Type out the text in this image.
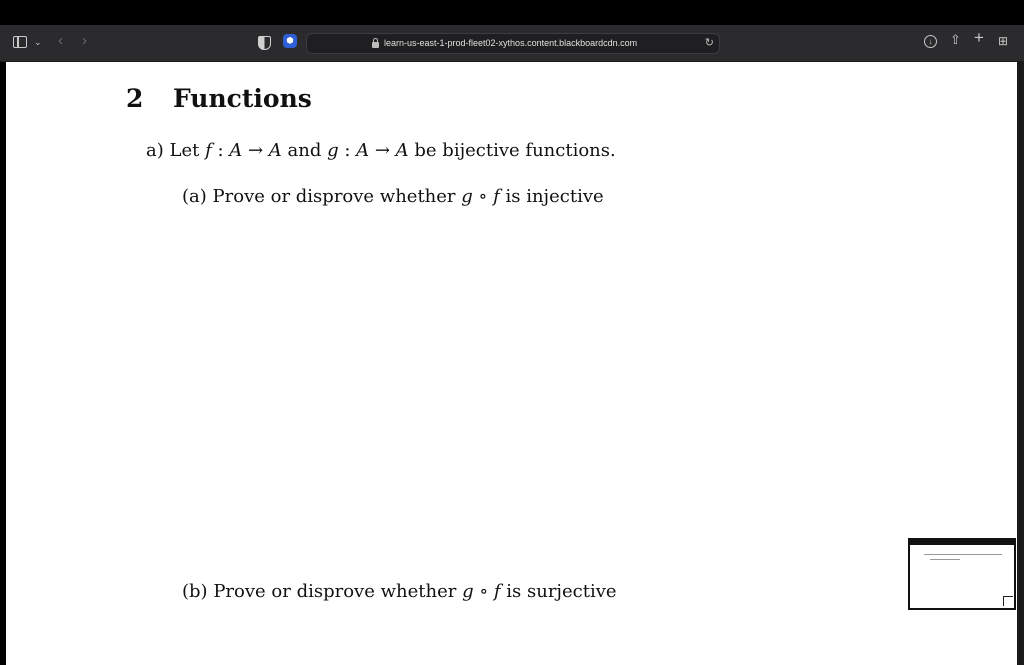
⌄ ‹ ›	⬢	learn-us-east-1-prod-fleet02-xythos.content.blackboardcdn.com	↻	↓	⇧ + ⊞
2 Functions
a) Let f : A → A and g : A → A be bijective functions.
(a) Prove or disprove whether g ∘ f is injective
(b) Prove or disprove whether g ∘ f is surjective
